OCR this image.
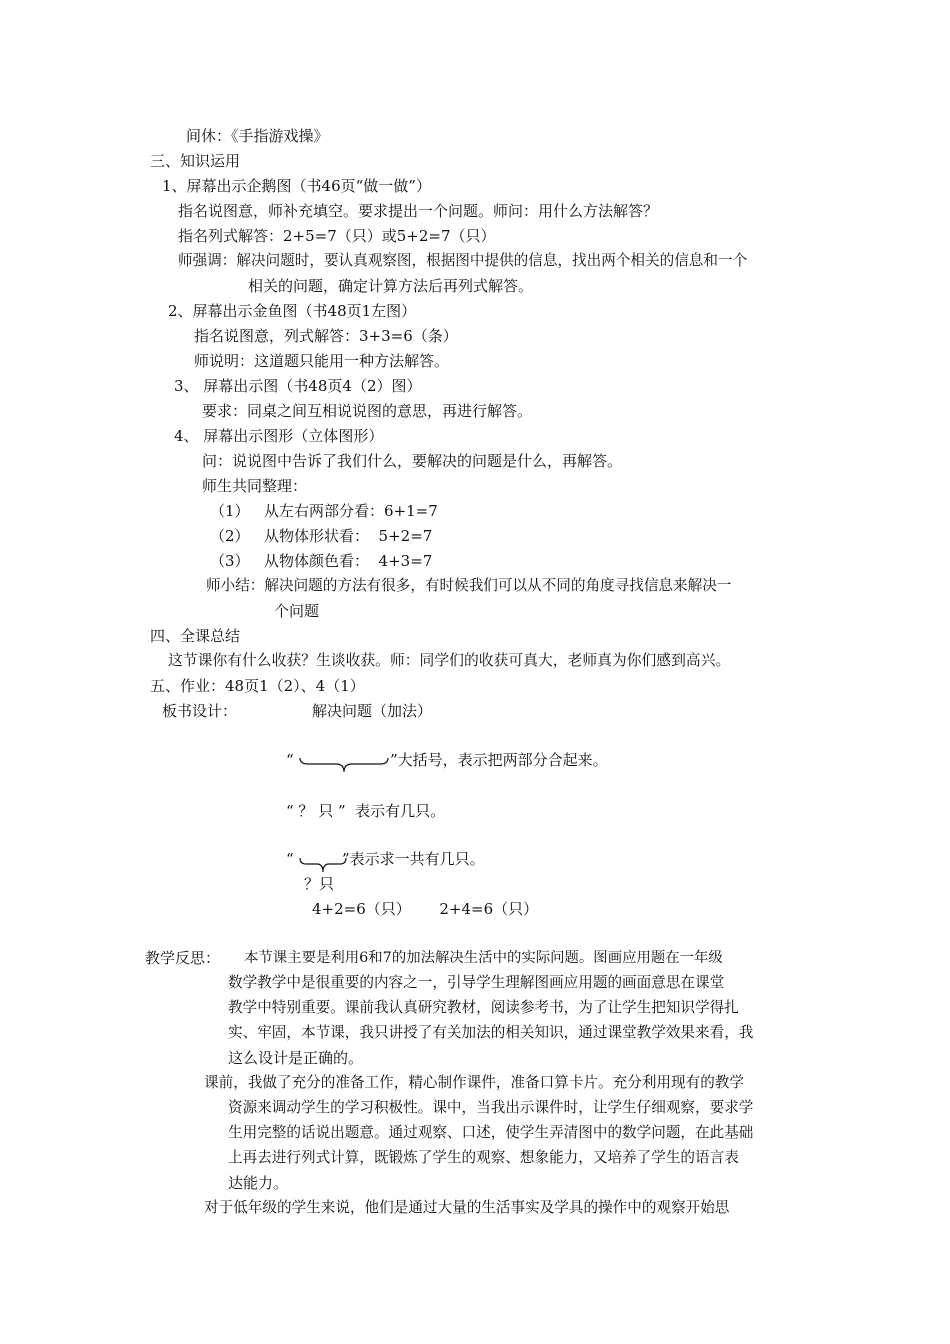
间休：《手指游戏操》
三、知识运用
1、屏幕出示企鹅图（书46页“做一做”）
指名说图意，师补充填空。要求提出一个问题。师问：用什么方法解答？
指名列式解答：2+5=7（只）或5+2=7（只）
师强调：解决问题时，要认真观察图，根据图中提供的信息，找出两个相关的信息和一个
相关的问题，确定计算方法后再列式解答。
2、屏幕出示金鱼图（书48页1左图）
指名说图意，列式解答：3+3=6（条）
师说明：这道题只能用一种方法解答。
3、 屏幕出示图（书48页4（2）图）
要求：同桌之间互相说说图的意思，再进行解答。
4、 屏幕出示图形（立体图形）
问：说说图中告诉了我们什么，要解决的问题是什么，再解答。
师生共同整理：
（1） 从左右两部分看：6+1=7
（2） 从物体形状看：  5+2=7
（3） 从物体颜色看：  4+3=7
师小结：解决问题的方法有很多，有时候我们可以从不同的角度寻找信息来解决一
个问题
四、全课总结
这节课你有什么收获？生谈收获。师：同学们的收获可真大，老师真为你们感到高兴。
五、作业：48页1（2）、4（1）
板书设计：	解决问题（加法）
“	”大括号，表示把两部分合起来。
“ ？ 只 ”  表示有几只。
“	”表示求一共有几只。
？只
4+2=6（只）      2+4=6（只）
教学反思： 本节课主要是利用6和7的加法解决生活中的实际问题。图画应用题在一年级
数学教学中是很重要的内容之一，引导学生理解图画应用题的画面意思在课堂
教学中特别重要。课前我认真研究教材，阅读参考书，为了让学生把知识学得扎
实、牢固，本节课，我只讲授了有关加法的相关知识，通过课堂教学效果来看，我
这么设计是正确的。
课前，我做了充分的准备工作，精心制作课件，准备口算卡片。充分利用现有的教学
资源来调动学生的学习积极性。课中，当我出示课件时，让学生仔细观察，要求学
生用完整的话说出题意。通过观察、口述，使学生弄清图中的数学问题，在此基础
上再去进行列式计算，既锻炼了学生的观察、想象能力，又培养了学生的语言表
达能力。
对于低年级的学生来说，他们是通过大量的生活事实及学具的操作中的观察开始思
